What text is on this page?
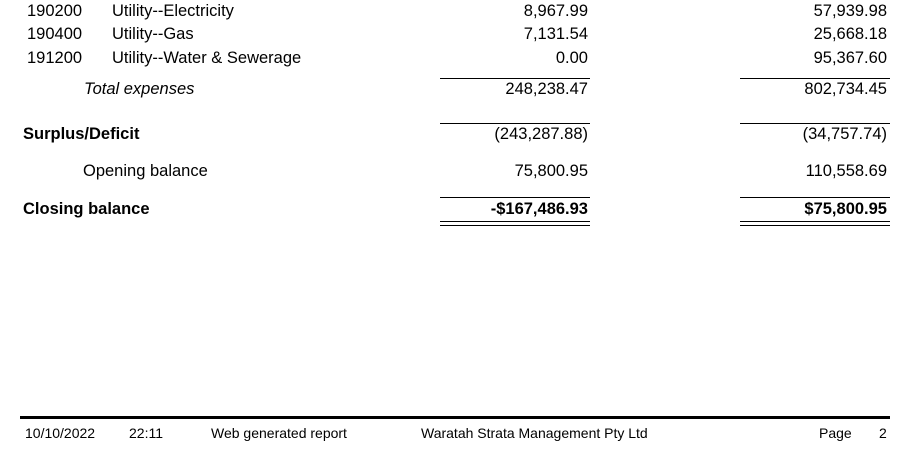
190200 Utility--Electricity	8,967.99	57,939.98
190400 Utility--Gas	7,131.54	25,668.18
191200 Utility--Water & Sewerage	0.00	95,367.60
Total expenses	248,238.47	802,734.45
Surplus/Deficit	(243,287.88)	(34,757.74)
Opening balance	75,800.95	110,558.69
Closing balance	-$167,486.93	$75,800.95
10/10/2022 22:11	Web generated report	Waratah Strata Management Pty Ltd	Page 2
